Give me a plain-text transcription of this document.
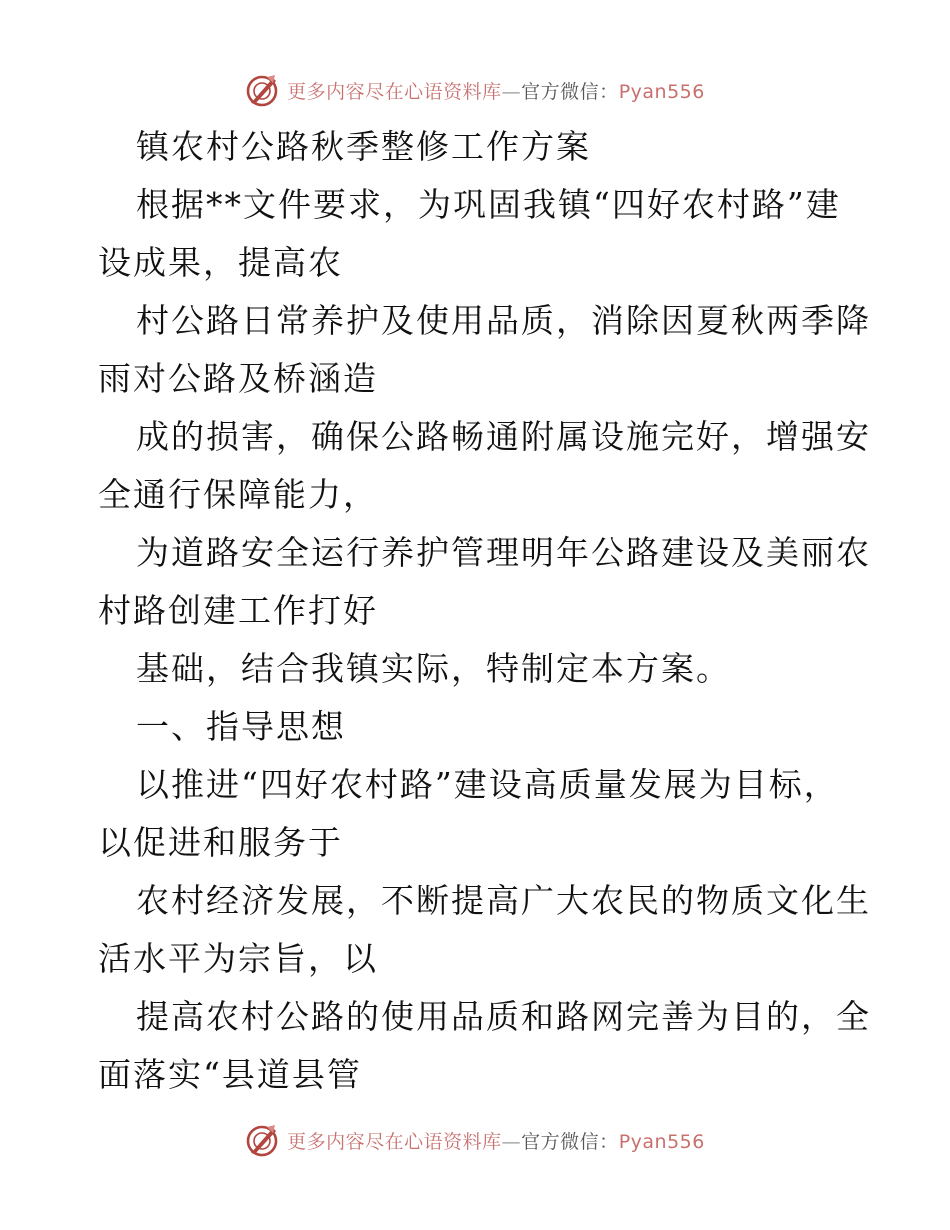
更多内容尽在心语资料库—官方微信：Pyan556
镇农村公路秋季整修工作方案
根据**文件要求，为巩固我镇“四好农村路”建
设成果，提高农
村公路日常养护及使用品质，消除因夏秋两季降
雨对公路及桥涵造
成的损害，确保公路畅通附属设施完好，增强安
全通行保障能力，
为道路安全运行养护管理明年公路建设及美丽农
村路创建工作打好
基础，结合我镇实际，特制定本方案。
一、指导思想
以推进“四好农村路”建设高质量发展为目标，
以促进和服务于
农村经济发展，不断提高广大农民的物质文化生
活水平为宗旨，以
提高农村公路的使用品质和路网完善为目的，全
面落实“县道县管
更多内容尽在心语资料库—官方微信：Pyan556
